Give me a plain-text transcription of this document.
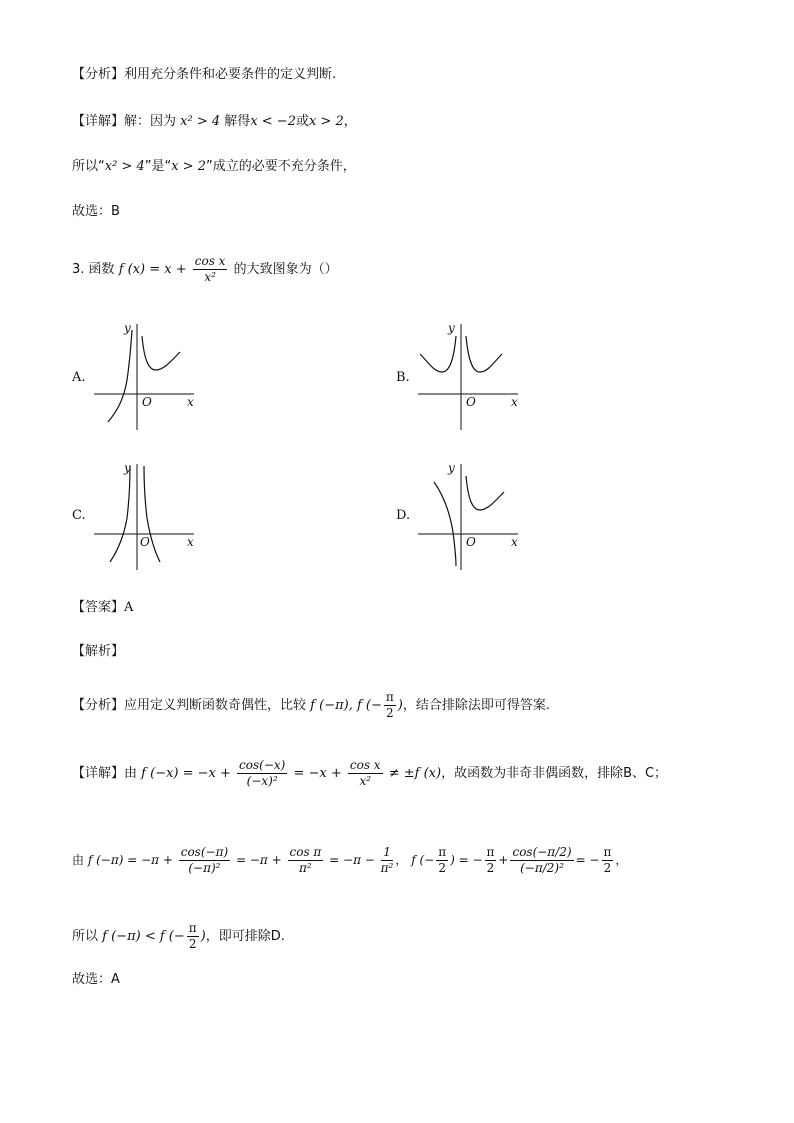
【分析】利用充分条件和必要条件的定义判断.
【详解】解：因为 x² > 4 解得x < −2或x > 2，
所以“x² > 4”是“x > 2”成立的必要不充分条件，
故选：B
3. 函数 f $(x) = x + \frac{\text{cos x}}{\text{x²}}$ 的大致图象为（）
A.	B.
C.	D.
y
x
O
y
x
O
y
x
O
y
x
O
【答案】A
【解析】
【分析】应用定义判断函数奇偶性，比较 f (−π), f (− $\frac{\pi}{2}$ )，结合排除法即可得答案.
【详解】由 f $(-x) = -x + \frac{\cos(-x)}{\text{(−x)²}} = -x + \frac{\text{cos x}}{\text{x²}} \ne \pm f$ (x)，故函数为非奇非偶函数，排除B、C；
由 f $(-\pi) = -\pi + \frac{\cos(-\pi)}{\text{(−π)²}} = -\pi + \frac{\text{cos π}}{\text{π²}} = -\pi - \frac{1}{\text{π²}}$ ， f (− $\frac{\pi}{2}$ ) = − $\frac{\pi}{2} + \frac{\cos(-\pi/2)}{\text{(−π/2)²}}$ = − $\frac{\pi}{2}$ ，
所以 f (−π) < f (− $\frac{\pi}{2}$ )，即可排除D.
故选：A
